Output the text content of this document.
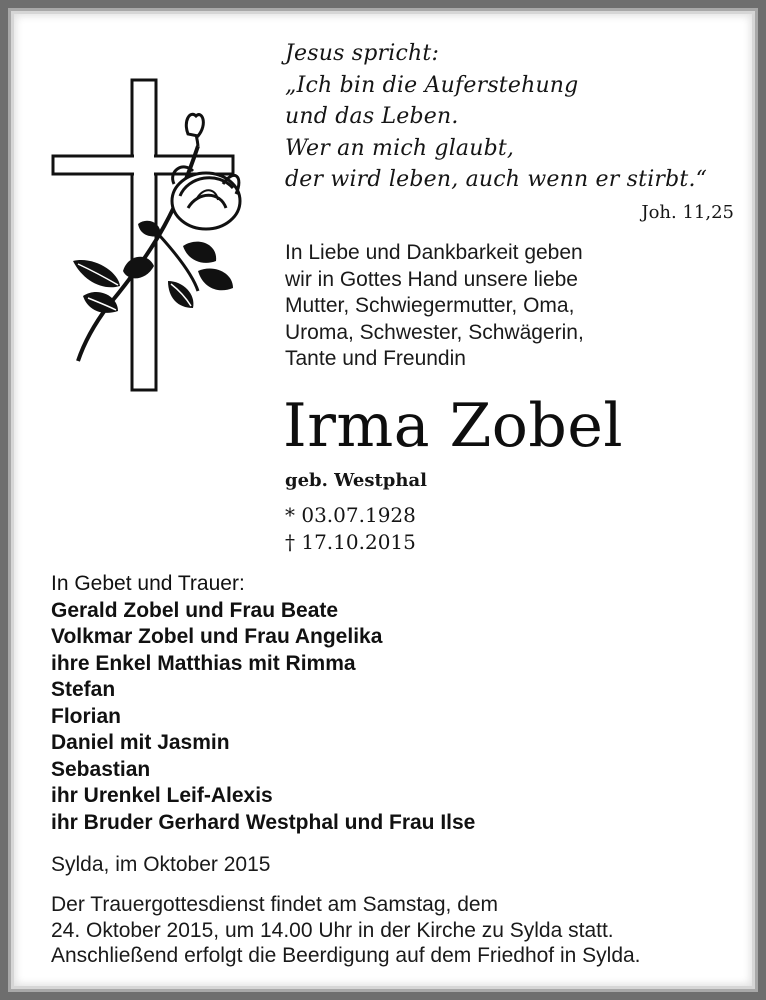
Jesus spricht:
„Ich bin die Auferstehung
und das Leben.
Wer an mich glaubt,
der wird leben, auch wenn er stirbt.“
Joh. 11,25
In Liebe und Dankbarkeit geben
wir in Gottes Hand unsere liebe
Mutter, Schwiegermutter, Oma,
Uroma, Schwester, Schwägerin,
Tante und Freundin
Irma Zobel
geb. Westphal
* 03.07.1928
† 17.10.2015
In Gebet und Trauer:
Gerald Zobel und Frau Beate
Volkmar Zobel und Frau Angelika
ihre Enkel Matthias mit Rimma
Stefan
Florian
Daniel mit Jasmin
Sebastian
ihr Urenkel Leif-Alexis
ihr Bruder Gerhard Westphal und Frau Ilse
Sylda, im Oktober 2015
Der Trauergottesdienst findet am Samstag, dem
24. Oktober 2015, um 14.00 Uhr in der Kirche zu Sylda statt.
Anschließend erfolgt die Beerdigung auf dem Friedhof in Sylda.
